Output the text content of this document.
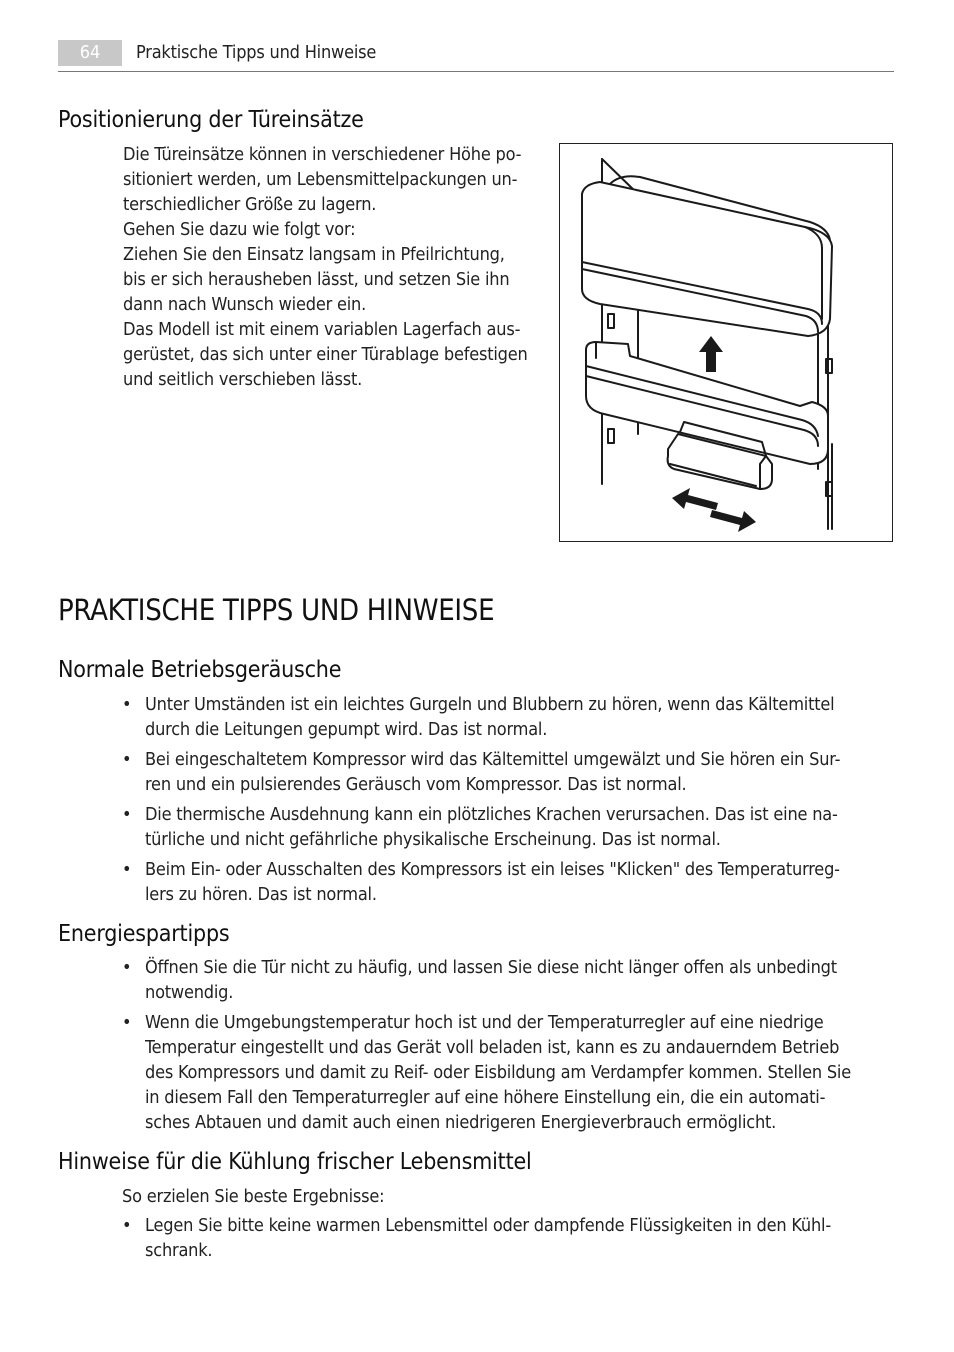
64	Praktische Tipps und Hinweise
Positionierung der Türeinsätze
Die Türeinsätze können in verschiedener Höhe po-
sitioniert werden, um Lebensmittelpackungen un-
terschiedlicher Größe zu lagern.
Gehen Sie dazu wie folgt vor:
Ziehen Sie den Einsatz langsam in Pfeilrichtung,
bis er sich herausheben lässt, und setzen Sie ihn
dann nach Wunsch wieder ein.
Das Modell ist mit einem variablen Lagerfach aus-
gerüstet, das sich unter einer Türablage befestigen
und seitlich verschieben lässt.
PRAKTISCHE TIPPS UND HINWEISE
Normale Betriebsgeräusche
• Unter Umständen ist ein leichtes Gurgeln und Blubbern zu hören, wenn das Kältemittel
durch die Leitungen gepumpt wird. Das ist normal.
• Bei eingeschaltetem Kompressor wird das Kältemittel umgewälzt und Sie hören ein Sur-
ren und ein pulsierendes Geräusch vom Kompressor. Das ist normal.
• Die thermische Ausdehnung kann ein plötzliches Krachen verursachen. Das ist eine na-
türliche und nicht gefährliche physikalische Erscheinung. Das ist normal.
• Beim Ein- oder Ausschalten des Kompressors ist ein leises "Klicken" des Temperaturreg-
lers zu hören. Das ist normal.
Energiespartipps
• Öffnen Sie die Tür nicht zu häufig, und lassen Sie diese nicht länger offen als unbedingt
notwendig.
• Wenn die Umgebungstemperatur hoch ist und der Temperaturregler auf eine niedrige
Temperatur eingestellt und das Gerät voll beladen ist, kann es zu andauerndem Betrieb
des Kompressors und damit zu Reif- oder Eisbildung am Verdampfer kommen. Stellen Sie
in diesem Fall den Temperaturregler auf eine höhere Einstellung ein, die ein automati-
sches Abtauen und damit auch einen niedrigeren Energieverbrauch ermöglicht.
Hinweise für die Kühlung frischer Lebensmittel
So erzielen Sie beste Ergebnisse:
• Legen Sie bitte keine warmen Lebensmittel oder dampfende Flüssigkeiten in den Kühl-
schrank.
